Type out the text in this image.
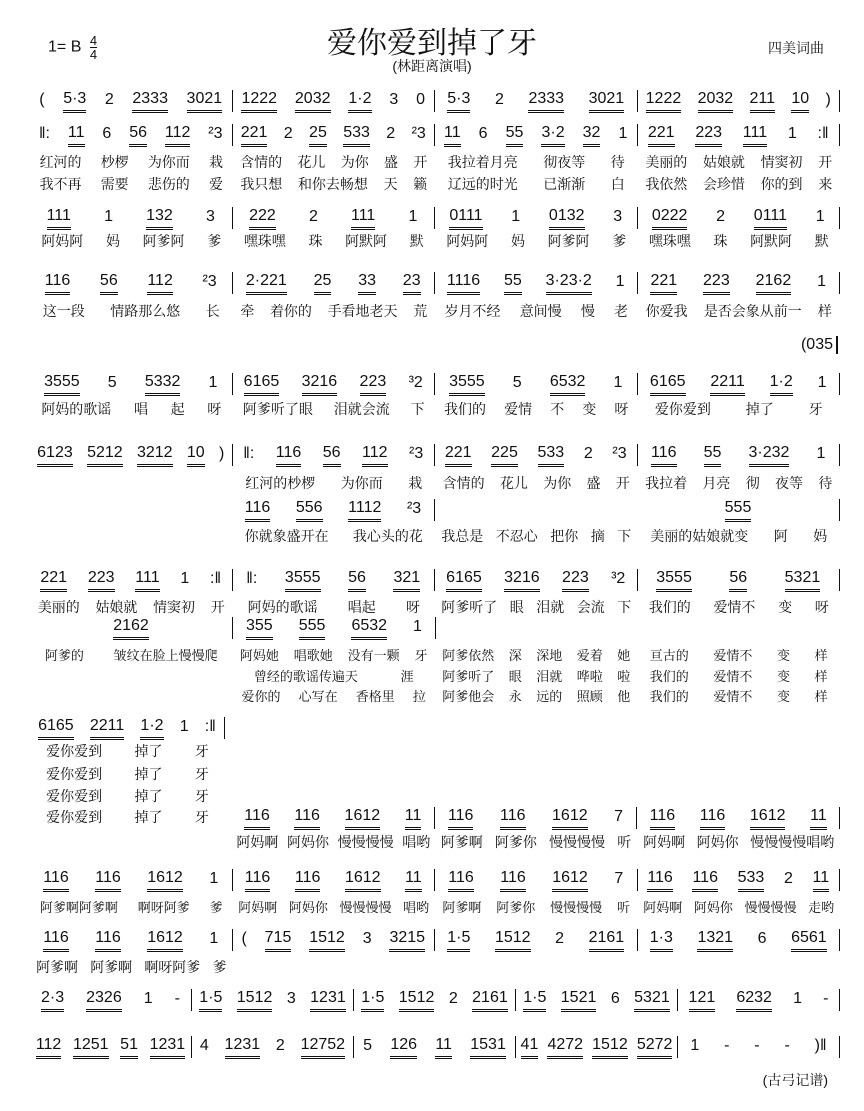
爱你爱到掉了牙
(林距离演唱)
1= B $\frac{4}{4}$	四美词曲
(035
(古弓记谱)
( 5·3 2 2333 3021 1222 2032 1·2 3 0 5·3 2 2333 3021 1222 2032 211 10 )
‖: 11 6 56 112 ²3 221 2 25 533 2 ²3 11 6 55 3·2 32 1 221 223 111 1 :‖
红河的 杪椤 为你而 栽 含情的 花儿 为你 盛 开 我拉着月亮 彻夜等 待 美丽的 姑娘就 情窦初 开
我不再 需要 悲伤的 爱 我只想 和你去畅想 天 籁 辽远的时光 已渐渐 白 我依然 会珍惜 你的到 来
111 1 132 3 222 2 111 1 0111 1 0132 3 0222 2 0111 1
阿妈阿 妈 阿爹阿 爹 嘿珠嘿 珠 阿默阿 默 阿妈阿 妈 阿爹阿 爹 嘿珠嘿 珠 阿默阿 默
116 56 112 ²3 2·221 25 33 23 1116 55 3·23·2 1 221 223 2162 1
这一段 情路那么悠 长 牵 着你的 手看地老天 荒 岁月不经 意间慢 慢 老 你爱我 是否会象从前一 样
3555 5 5332 1 6165 3216 223 ³2 3555 5 6532 1 6165 2211 1·2 1
阿妈的歌谣 唱 起 呀 阿爹听了眼 泪就会流 下 我们的 爱情 不 变 呀 爱你爱到 掉了 牙
6123 5212 3212 10 ) ‖: 116 56 112 ²3 221 225 533 2 ²3 116 55 3·232 1
红河的杪椤 为你而 栽 含情的 花儿 为你 盛 开 我拉着 月亮 彻 夜等 待
116 556 1112 ²3	555
你就象盛开在 我心头的花 我总是 不忍心 把你 摘 下 美丽的姑娘就变 阿 妈
221 223 111 1 :‖ ‖: 3555 56 321 6165 3216 223 ³2 3555 56 5321
美丽的 姑娘就 情窦初 开 阿妈的歌谣 唱起 呀 阿爹听了 眼 泪就 会流 下 我们的 爱情不 变 呀
2162	355 555 6532 1
阿爹的 皱纹在脸上慢慢爬 阿妈她 唱歌她 没有一颗 牙 阿爹依然 深 深地 爱着 她 亘古的 爱情不 变 样
曾经的歌谣传遍天	涯 阿爹听了 眼 泪就 哗啦 啦 我们的 爱情不 变 样
爱你的 心写在 香格里 拉 阿爹他会 永 远的 照顾 他 我们的 爱情不 变 样
6165 2211 1·2 1 :‖
爱你爱到 掉了 牙
爱你爱到 掉了 牙
爱你爱到 掉了 牙
爱你爱到 掉了 牙 116 116 1612 11 116 116 1612 7 116 116 1612 11
阿妈啊 阿妈你 慢慢慢慢 唱哟 阿爹啊 阿爹你 慢慢慢慢 听 阿妈啊 阿妈你 慢慢慢慢唱哟
116 116 1612 1 116 116 1612 11 116 116 1612 7 116 116 533 2 11
阿爹啊阿爹啊 啊呀阿爹 爹 阿妈啊 阿妈你 慢慢慢慢 唱哟 阿爹啊 阿爹你 慢慢慢慢 听 阿妈啊 阿妈你 慢慢慢慢 走哟
116 116 1612 1 ( 715 1512 3 3215 1·5 1512 2 2161 1·3 1321 6 6561
阿爹啊 阿爹啊 啊呀阿爹 爹
2·3 2326 1 - 1·5 1512 3 1231 1·5 1512 2 2161 1·5 1521 6 5321 121 6232 1 -
112 1251 51 1231 4 1231 2 12752 5 126 11 1531 41 4272 1512 5272 1 - - - )‖
